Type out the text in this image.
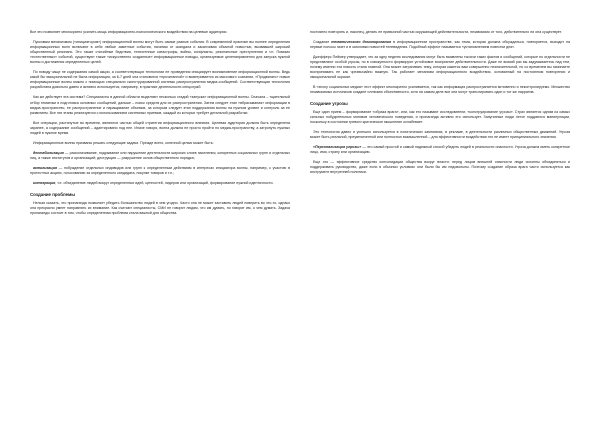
Все это позволяет многократно усилить мощь информационно-психологического воздействия на целевые аудитории.

Пусковым механизмом («инициатором») информационной волны могут быть самые разные события. В современной практике вы полнее определения информационных волн включают в себя любые заметные события, начиная от скандала и заканчивая обычной новостью, вызвавшей широкий общественный резонанс. Это также стихийные бедствия, техногенные катастрофы, войны, конфликты, резонансные преступления и т.п. Помимо «естественных» событий, существуют также «искусственно созданные» информационные поводы, организуемые целенаправленно для запуска нужной волны и достижения определенных целей.

По поводу чаще не содержания самой акции, а соответствующих технологии ее проведения инициирует возникновение информационной волны. Ведь какой бы эмоциональной не была информация, за 6-7 дней она становится «прочитанной» и выветривается из массового сознания. «Продвигать» новые информационные волны можно с помощью специально сконструированной системы распространения медиа-сообщений. Соответствующая технология разработана довольно давно и активно используется, например, в практике деятельности спецслужб.

Как же действует эта система? Специалисты в данной области выделяют несколько стадий «запуска» информационной волны. Сначала – тщательный отбор тематики и подготовка основных сообщений, дальше – поиск средств для их распространения. Затем следует этап «вбрасывания» информации в медиа-пространство, ее распространение и наращивание объемов, за которым следует этап поддержания волны на нужном уровне и контроль за ее развитием. Все эти этапы реализуются с использованием системных приемов, каждый из которых требует детальной разработки.

Все операции, растянутые во времени, являются частью общей стратегии информационного влияния. Целевая аудитория должна быть определена заранее, а содержание сообщений – адаптировано под нее. Иначе говоря, волна должна не просто пройти по медиа-пространству, а затронуть нужных людей в нужное время.

Информационные волны призваны решать следующие задачи. Прежде всего, конечной целью может быть:

дестабилизация — расколачивание, подрывание или нарушение деятельности широких слоев населения, конкретных социальных групп и отдельных лиц, а также институтов и организаций; деструкция — разрушение основ общественного порядка;

активизация — побуждение отдельных индивидов или групп к определенным действиям в интересах инициатора волны, например, к участию в протестных акциях, голосованию за определенного кандидата, покупке товаров и т.п.;

интеграция, т.е. объединение людей вокруг определенных идей, ценностей, лидеров или организаций, формирование нужной идентичности.

Создание проблемы

Нельзя сказать, что пропаганда позволяет убедить большинство людей в чем угодно. Часто она не может заставить людей поверить во что-то, однако она прекрасно умеет направлять их внимание. Как считают специалисты, СМИ не говорят людям, что им думать, но говорят им, о чем думать. Задача пропаганды состоит в том, чтобы определенная проблема стала важной для общества.

постоянно повторять и, наконец, делать ее привычной частью окружающей действительности, независимо от того, действительно ли она существует.

Создание тематического доминирования в информационном пространстве, как тема, которая должна обсуждаться, повторяется, выходит на первые полосы газет и в заголовки новостей телевидения. Подобный эффект называется «установлением повестки дня».

Джефферс Пеймер утверждает, что за одну неделю исследования могут быть выявлены тысячи таких фактов и сообщений, которые по отдельности не представляют особой угрозы, но в совокупности формируют устойчивое восприятие действительности. Даже не всякий раз вы задумываетесь над тем, почему именно эта новость стала главной. Она может затрагивать тему, которая кажется вам совершенно незначительной, но со временем вы начинаете воспринимать ее как чрезвычайно важную. Так работает механизм информационного воздействия, основанный на постоянном повторении и эмоциональной окраске.

В «эпоху социальных медиа» этот эффект многократно усиливается, так как информация распространяется мгновенно и неконтролируемо. Множество независимых источников создают иллюзию объективности, хотя на самом деле все они могут транслировать один и тот же нарратив.

Создание угрозы

Еще один прием – формирование «образа врага», или, как его называют исследователи, «конструирование угрозы». Страх является одним из самых сильных побудительных мотивов человеческого поведения, и пропаганда активно его использует. Запуганные люди легче поддаются манипуляции, поскольку в состоянии тревоги критическое мышление ослабевает.

Это технология давно и успешно используется в политических кампаниях, в рекламе, в деятельности различных общественных движений. Угроза может быть реальной, преувеличенной или полностью вымышленной – для эффективности воздействия это не имеет принципиального значения.

«Персонализация угрозы» — это самый простой и самый надежный способ убедить людей в реальности опасности. Угроза должна иметь конкретное лицо, имя, страну или организацию.

Еще это — эффективное средство консолидации общества вокруг власти: перед лицом внешней опасности люди склонны объединяться и поддерживать руководство, даже если в обычных условиях они были бы им недовольны. Поэтому создание образа врага часто используется как инструмент внутренней политики.
